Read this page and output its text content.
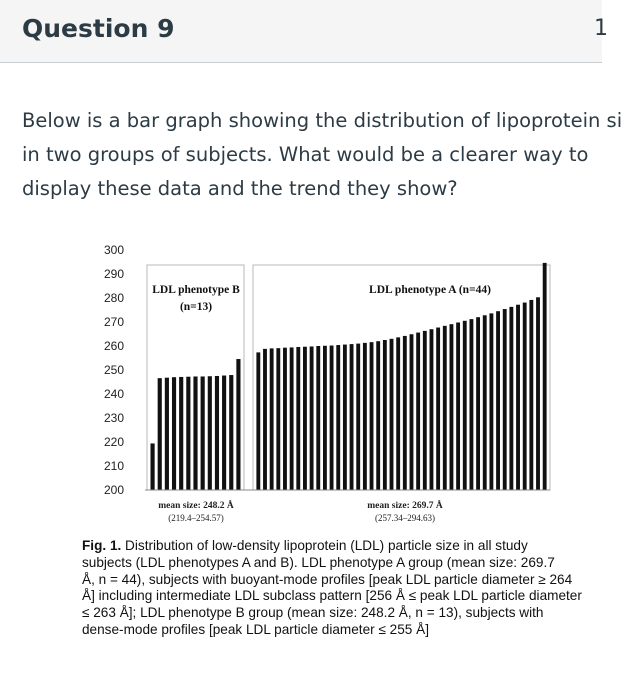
Question 9	1
Below is a bar graph showing the distribution of lipoprotein si
in two groups of subjects. What would be a clearer way to
display these data and the trend they show?
200
210
220
230
240
250
260
270
280
290
300
LDL phenotype B
(n=13)
LDL phenotype A (n=44)
mean size: 248.2 Å
(219.4–254.57)
mean size: 269.7 Å
(257.34–294.63)
Fig. 1. Distribution of low-density lipoprotein (LDL) particle size in all study
subjects (LDL phenotypes A and B). LDL phenotype A group (mean size: 269.7
Å, n = 44), subjects with buoyant-mode profiles [peak LDL particle diameter ≥ 264
Å] including intermediate LDL subclass pattern [256 Å ≤ peak LDL particle diameter
≤ 263 Å]; LDL phenotype B group (mean size: 248.2 Å, n = 13), subjects with
dense-mode profiles [peak LDL particle diameter ≤ 255 Å]
